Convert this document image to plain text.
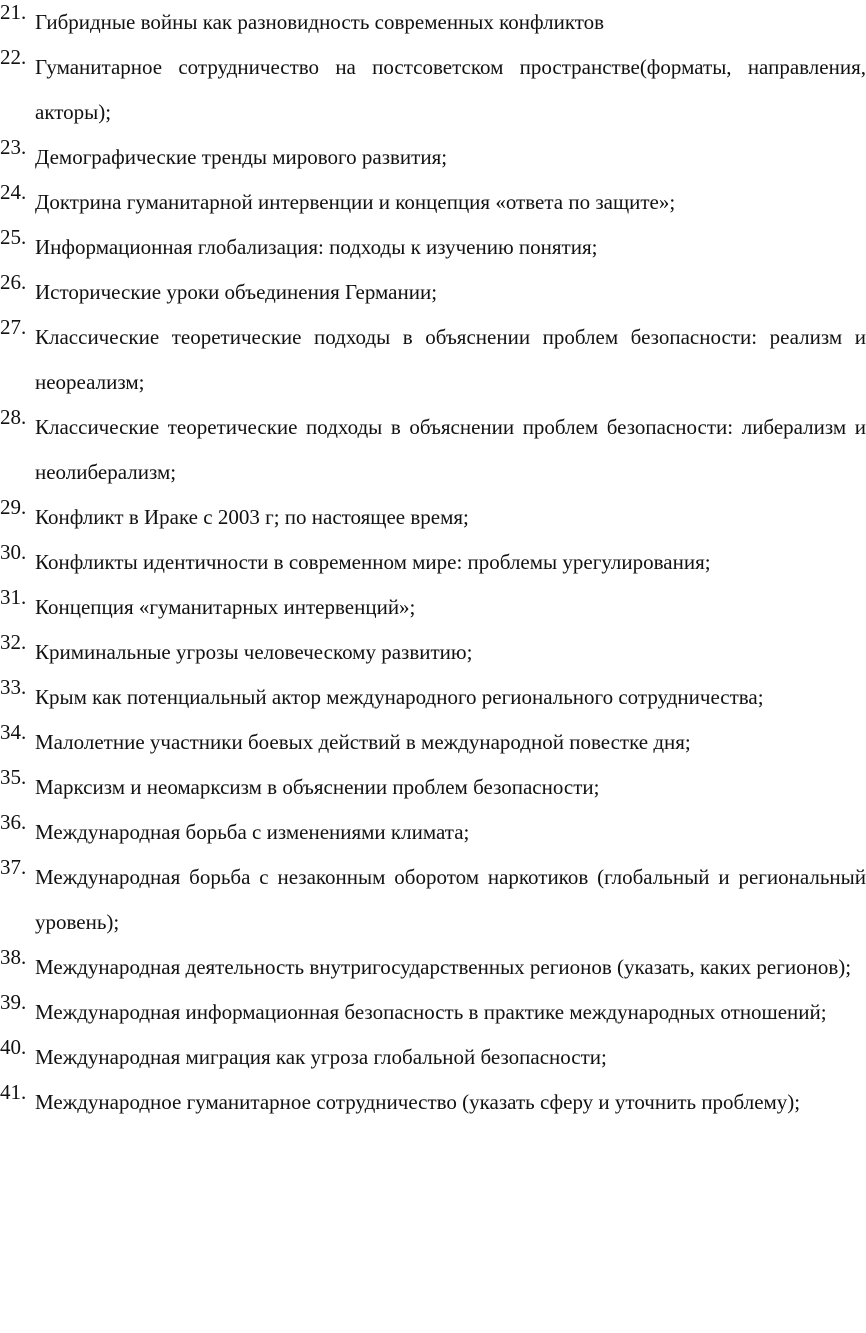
21. Гибридные войны как разновидность современных конфликтов
22. Гуманитарное сотрудничество на постсоветском пространстве(форматы, направления, акторы);
23. Демографические тренды мирового развития;
24. Доктрина гуманитарной интервенции и концепция «ответа по защите»;
25. Информационная глобализация: подходы к изучению понятия;
26. Исторические уроки объединения Германии;
27. Классические теоретические подходы в объяснении проблем безопасности: реализм и неореализм;
28. Классические теоретические подходы в объяснении проблем безопасности: либерализм и неолиберализм;
29. Конфликт в Ираке с 2003 г; по настоящее время;
30. Конфликты идентичности в современном мире: проблемы урегулирования;
31. Концепция «гуманитарных интервенций»;
32. Криминальные угрозы человеческому развитию;
33. Крым как потенциальный актор международного регионального сотрудничества;
34. Малолетние участники боевых действий в международной повестке дня;
35. Марксизм и неомарксизм в объяснении проблем безопасности;
36. Международная борьба с изменениями климата;
37. Международная борьба с незаконным оборотом наркотиков (глобальный и региональный уровень);
38. Международная деятельность внутригосударственных регионов (указать, каких регионов);
39. Международная информационная безопасность в практике международных отношений;
40. Международная миграция как угроза глобальной безопасности;
41. Международное гуманитарное сотрудничество (указать сферу и уточнить проблему);
